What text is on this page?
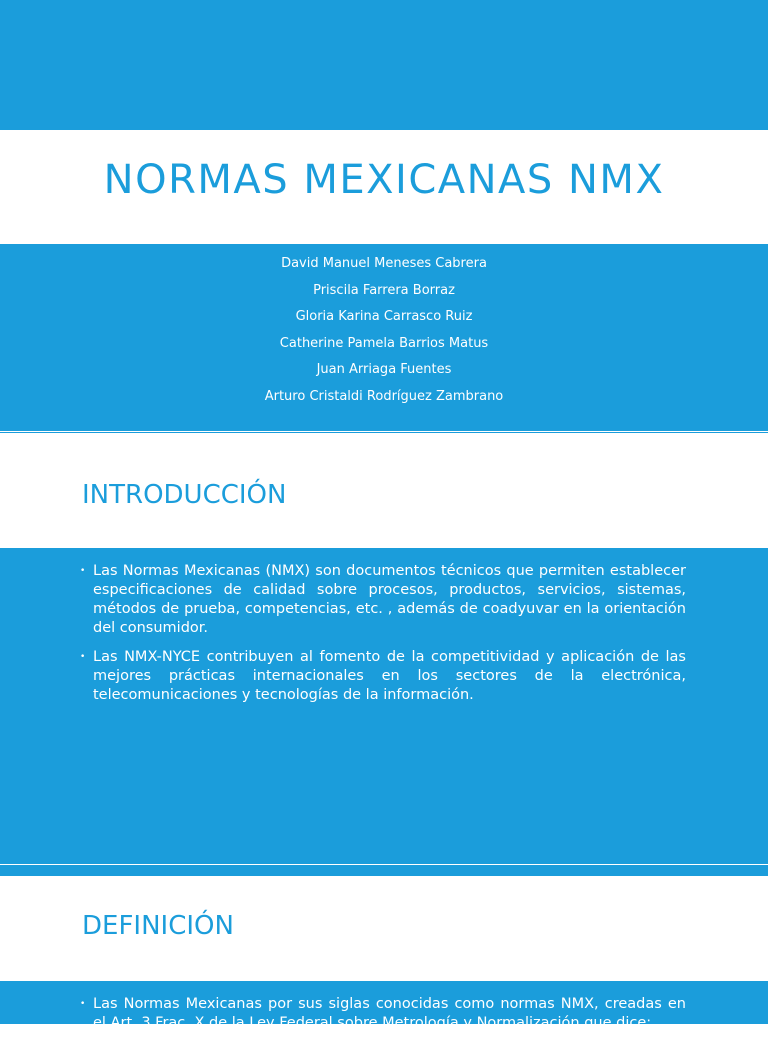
NORMAS MEXICANAS NMX
David Manuel Meneses Cabrera
Priscila Farrera Borraz
Gloria Karina Carrasco Ruiz
Catherine Pamela Barrios Matus
Juan Arriaga Fuentes
Arturo Cristaldi Rodríguez Zambrano
INTRODUCCIÓN
• Las Normas Mexicanas (NMX) son documentos técnicos que permiten establecer especificaciones de calidad sobre procesos, productos, servicios, sistemas, métodos de prueba, competencias, etc. , además de coadyuvar en la orientación del consumidor.
• Las NMX-NYCE contribuyen al fomento de la competitividad y aplicación de las mejores prácticas internacionales en los sectores de la electrónica, telecomunicaciones y tecnologías de la información.
DEFINICIÓN
• Las Normas Mexicanas por sus siglas conocidas como normas NMX, creadas en el Art. 3 Frac. X de la Ley Federal sobre Metrología y Normalización que dice:
